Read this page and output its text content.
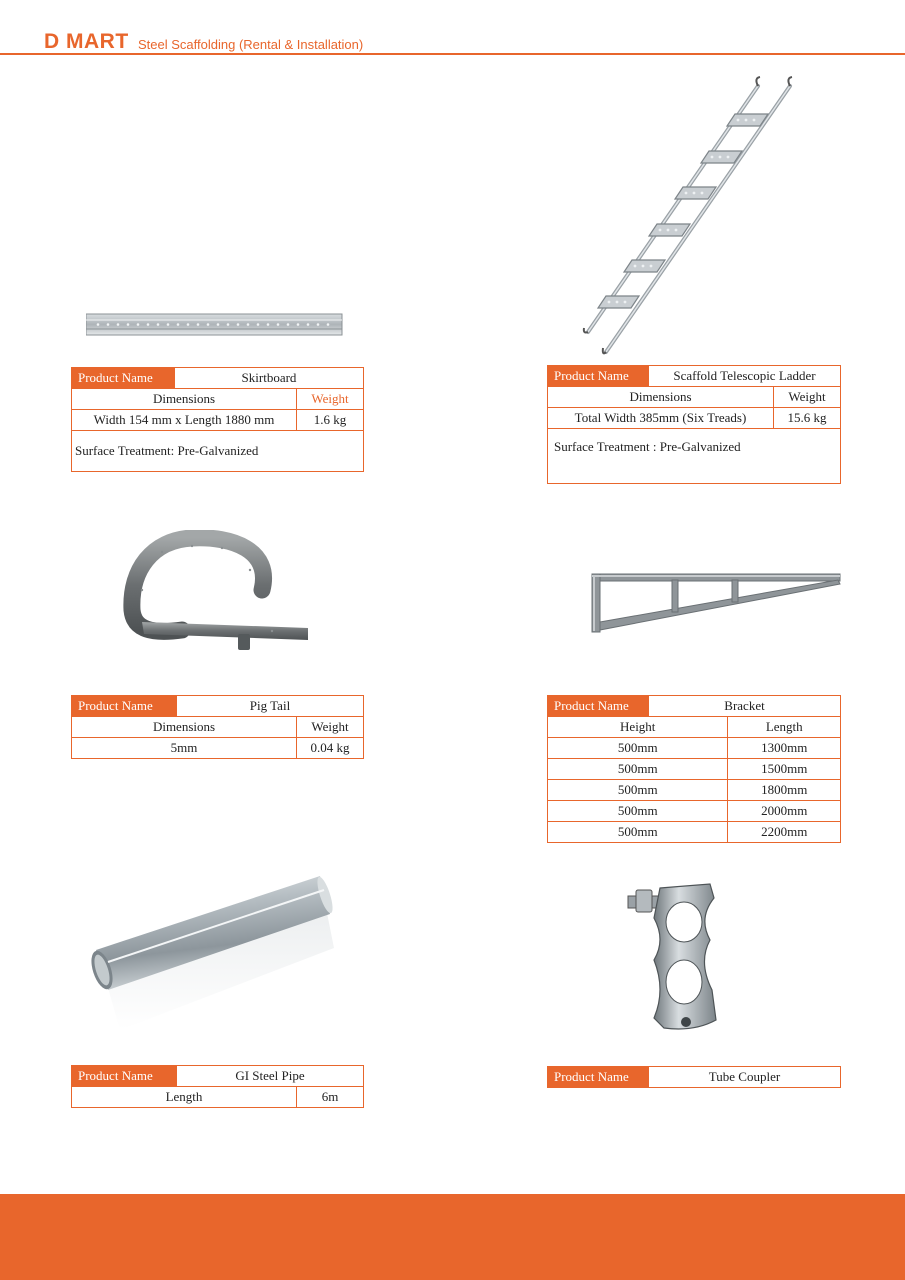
D MART Steel Scaffolding (Rental & Installation)
Product Name	Skirtboard	
Dimensions		Weight
Width 154 mm x Length 1880 mm		1.6 kg
Surface Treatment: Pre-Galvanized		
Product Name	Scaffold Telescopic Ladder	
Dimensions		Weight
Total Width 385mm (Six Treads)		15.6 kg
Surface Treatment : Pre-Galvanized		
Product Name	Pig Tail	
Dimensions		Weight
5mm		0.04 kg
Product Name	Bracket	
Height		Length
500mm		1300mm
500mm		1500mm
500mm		1800mm
500mm		2000mm
500mm		2200mm
Product Name	GI Steel Pipe	
Length		6m
Product Name	Tube Coupler
